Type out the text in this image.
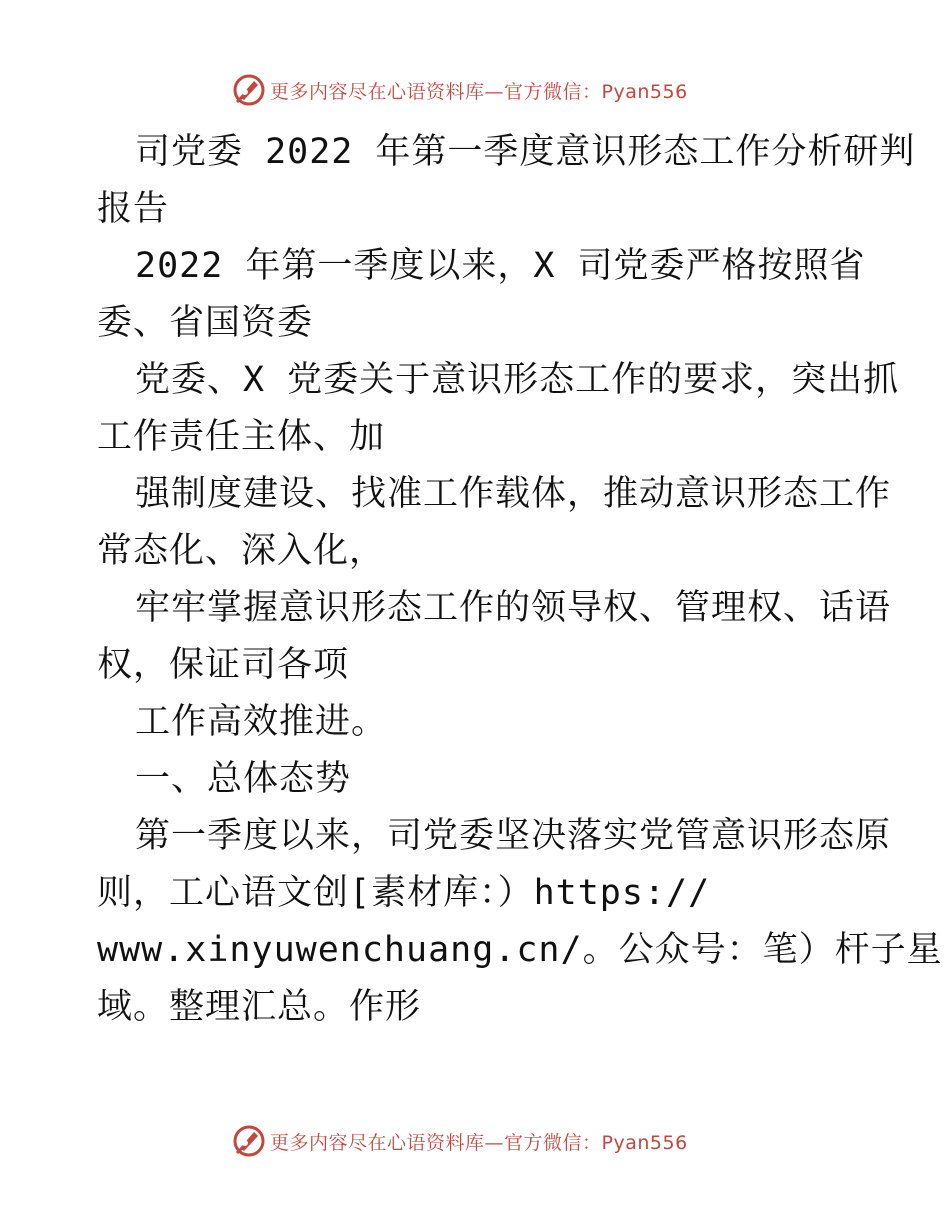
更多内容尽在心语资料库—官方微信：Pyan556
司党委 2022 年第一季度意识形态工作分析研判
报告
2022 年第一季度以来，X 司党委严格按照省
委、省国资委
党委、X 党委关于意识形态工作的要求，突出抓
工作责任主体、加
强制度建设、找准工作载体，推动意识形态工作
常态化、深入化，
牢牢掌握意识形态工作的领导权、管理权、话语
权，保证司各项
工作高效推进。
一、总体态势
第一季度以来，司党委坚决落实党管意识形态原
则，工心语文创[素材库：）https://
www.xinyuwenchuang.cn/。公众号：笔）杆子星
域。整理汇总。作形
更多内容尽在心语资料库—官方微信：Pyan556
